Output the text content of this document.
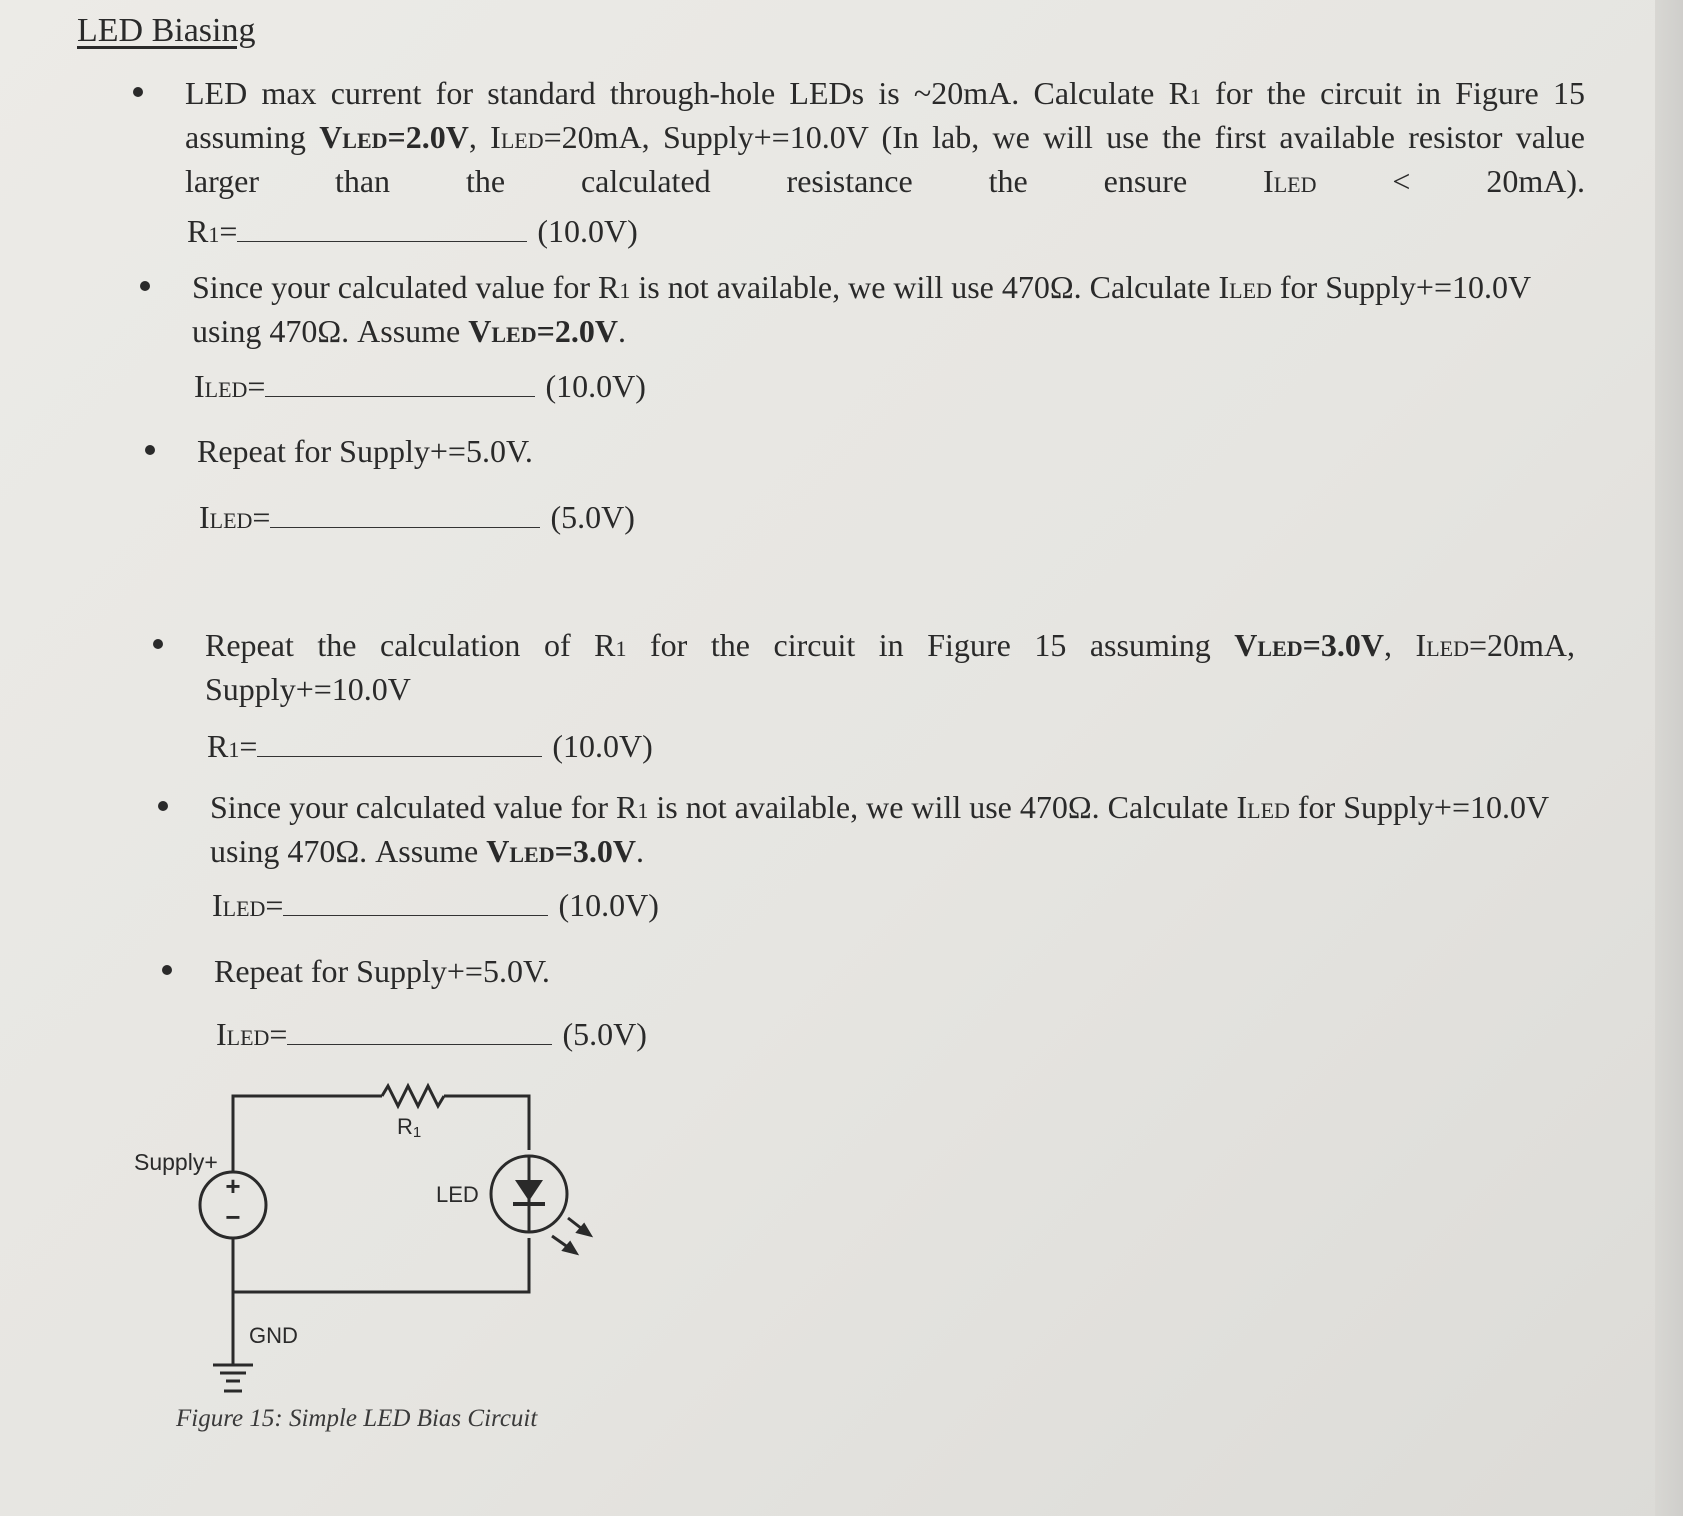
LED Biasing

LED max current for standard through-hole LEDs is ~20mA. Calculate R1 for the circuit in Figure 15 assuming VLED=2.0V, ILED=20mA, Supply+=10.0V (In lab, we will use the first available resistor value larger than the calculated resistance the ensure ILED < 20mA).

R1=	(10.0V)

Since your calculated value for R1 is not available, we will use 470Ω. Calculate ILED for Supply+=10.0V using 470Ω. Assume VLED=2.0V.

ILED=	(10.0V)

Repeat for Supply+=5.0V.

ILED=	(5.0V)

Repeat the calculation of R1 for the circuit in Figure 15 assuming VLED=3.0V, ILED=20mA,

Supply+=10.0V

R1=	(10.0V)

Since your calculated value for R1 is not available, we will use 470Ω. Calculate ILED for Supply+=10.0V using 470Ω. Assume VLED=3.0V.

ILED=	(10.0V)

Repeat for Supply+=5.0V.

ILED=	(5.0V)
+
−
Supply+
R1
LED
GND
Figure 15: Simple LED Bias Circuit
